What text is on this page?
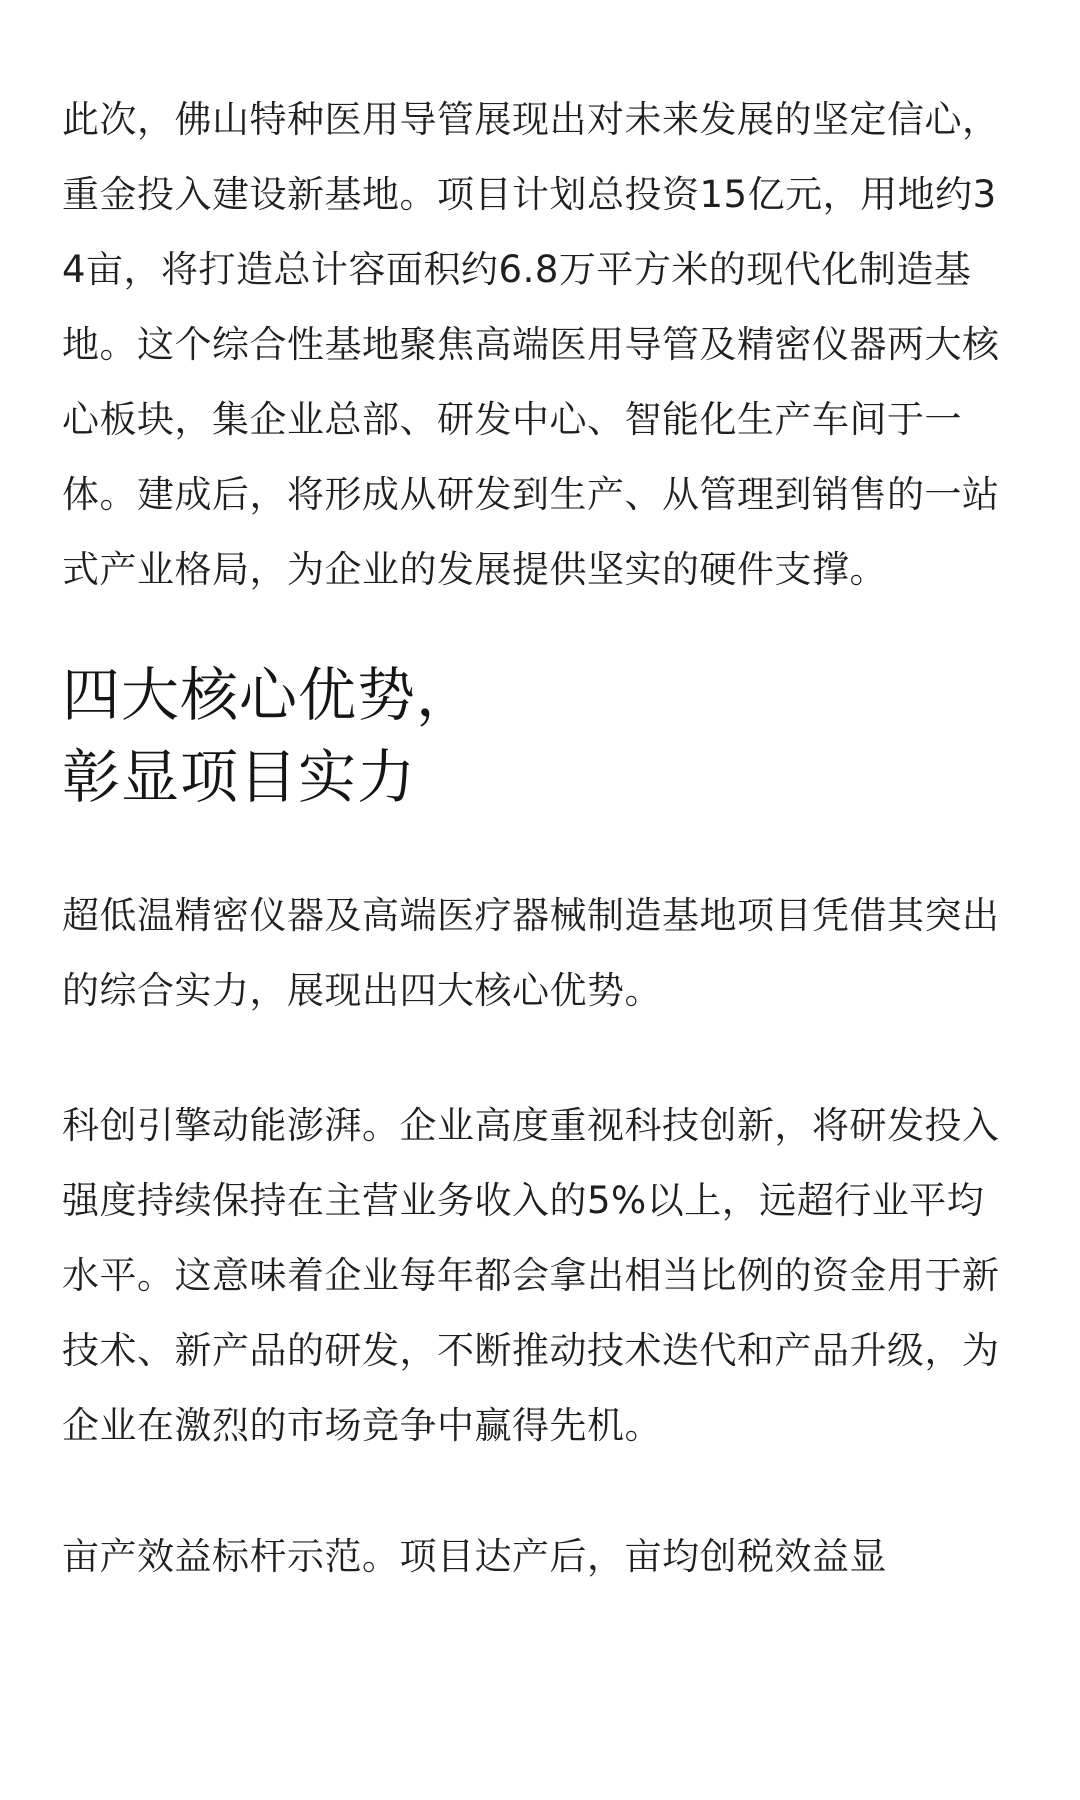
此次，佛山特种医用导管展现出对未来发展的坚定信心，重金投入建设新基地。项目计划总投资15亿元，用地约34亩，将打造总计容面积约6.8万平方米的现代化制造基地。这个综合性基地聚焦高端医用导管及精密仪器两大核心板块，集企业总部、研发中心、智能化生产车间于一体。建成后，将形成从研发到生产、从管理到销售的一站式产业格局，为企业的发展提供坚实的硬件支撑。

四大核心优势，
彰显项目实力

超低温精密仪器及高端医疗器械制造基地项目凭借其突出的综合实力，展现出四大核心优势。

科创引擎动能澎湃。企业高度重视科技创新，将研发投入强度持续保持在主营业务收入的5%以上，远超行业平均水平。这意味着企业每年都会拿出相当比例的资金用于新技术、新产品的研发，不断推动技术迭代和产品升级，为企业在激烈的市场竞争中赢得先机。

亩产效益标杆示范。项目达产后，亩均创税效益显
